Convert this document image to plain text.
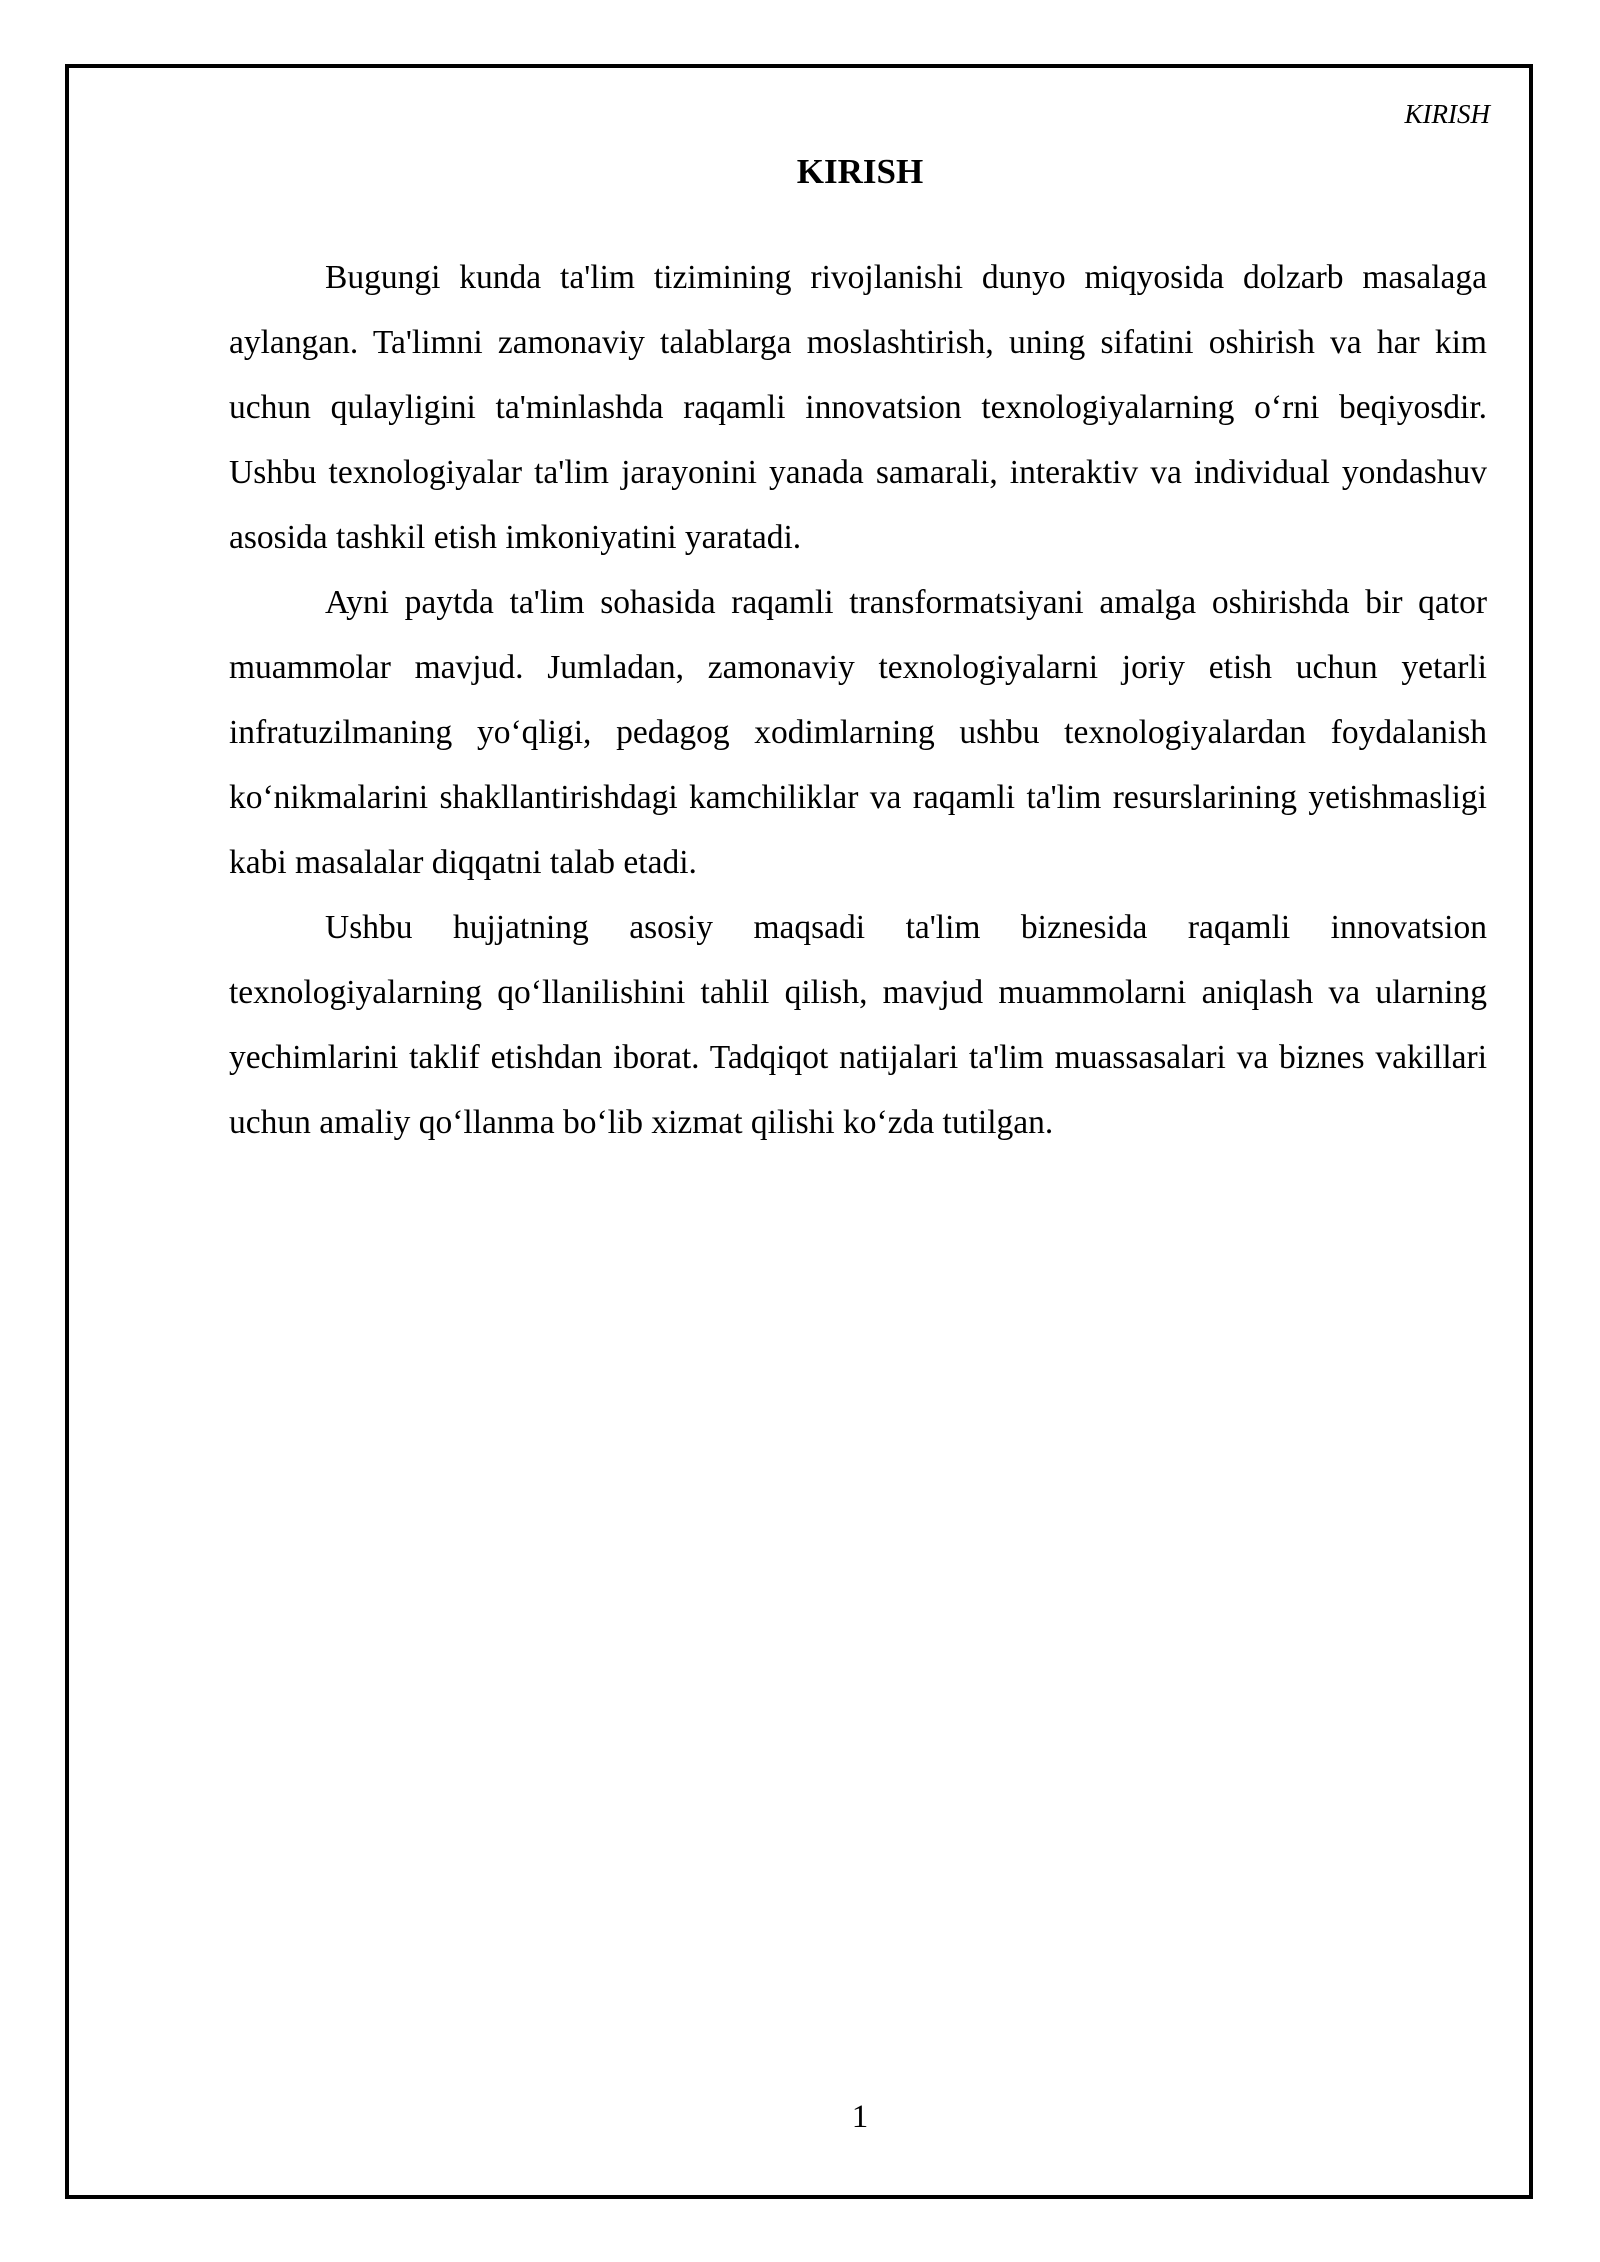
KIRISH
KIRISH

Bugungi kunda ta'lim tizimining rivojlanishi dunyo miqyosida dolzarb masalaga aylangan. Ta'limni zamonaviy talablarga moslashtirish, uning sifatini oshirish va har kim uchun qulayligini ta'minlashda raqamli innovatsion texnologiyalarning o‘rni beqiyosdir. Ushbu texnologiyalar ta'lim jarayonini yanada samarali, interaktiv va individual yondashuv asosida tashkil etish imkoniyatini yaratadi.

Ayni paytda ta'lim sohasida raqamli transformatsiyani amalga oshirishda bir qator muammolar mavjud. Jumladan, zamonaviy texnologiyalarni joriy etish uchun yetarli infratuzilmaning yo‘qligi, pedagog xodimlarning ushbu texnologiyalardan foydalanish ko‘nikmalarini shakllantirishdagi kamchiliklar va raqamli ta'lim resurslarining yetishmasligi kabi masalalar diqqatni talab etadi.

Ushbu hujjatning asosiy maqsadi ta'lim biznesida raqamli innovatsion texnologiyalarning qo‘llanilishini tahlil qilish, mavjud muammolarni aniqlash va ularning yechimlarini taklif etishdan iborat. Tadqiqot natijalari ta'lim muassasalari va biznes vakillari uchun amaliy qo‘llanma bo‘lib xizmat qilishi ko‘zda tutilgan.

1
